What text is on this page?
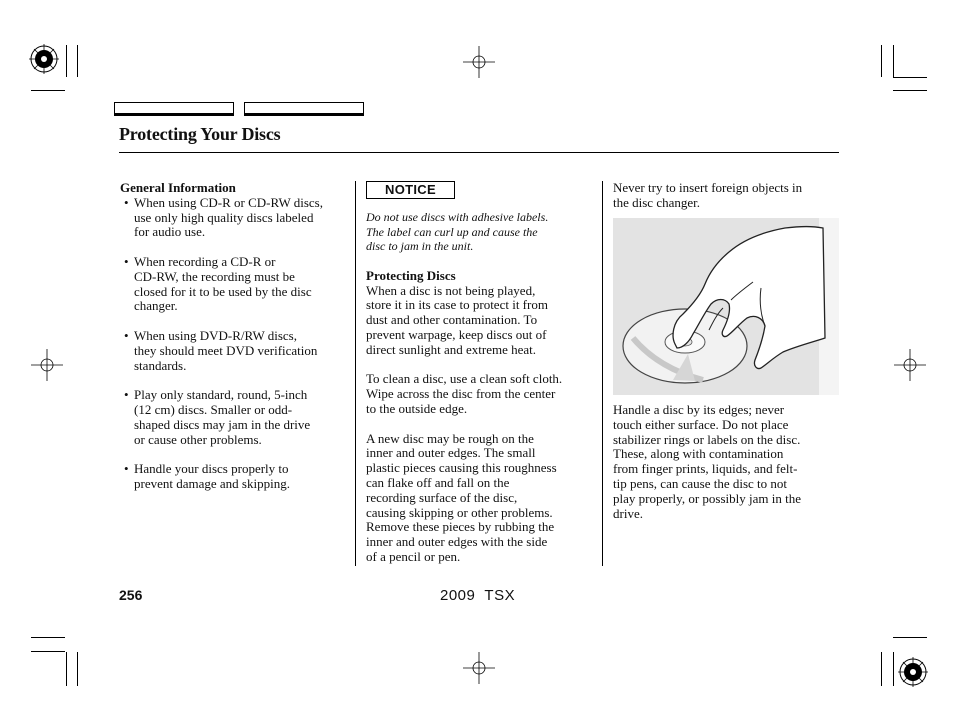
Protecting Your Discs
General Information
• When using CD-R or CD-RW discs,
use only high quality discs labeled
for audio use.
• When recording a CD-R or
CD-RW, the recording must be
closed for it to be used by the disc
changer.
• When using DVD-R/RW discs,
they should meet DVD verification
standards.
• Play only standard, round, 5-inch
(12 cm) discs. Smaller or odd-
shaped discs may jam in the drive
or cause other problems.
• Handle your discs properly to
prevent damage and skipping.
NOTICE
Do not use discs with adhesive labels.
The label can curl up and cause the
disc to jam in the unit.
Protecting Discs
When a disc is not being played,
store it in its case to protect it from
dust and other contamination. To
prevent warpage, keep discs out of
direct sunlight and extreme heat.
To clean a disc, use a clean soft cloth.
Wipe across the disc from the center
to the outside edge.
A new disc may be rough on the
inner and outer edges. The small
plastic pieces causing this roughness
can flake off and fall on the
recording surface of the disc,
causing skipping or other problems.
Remove these pieces by rubbing the
inner and outer edges with the side
of a pencil or pen.
Never try to insert foreign objects in
the disc changer.
Handle a disc by its edges; never
touch either surface. Do not place
stabilizer rings or labels on the disc.
These, along with contamination
from finger prints, liquids, and felt-
tip pens, can cause the disc to not
play properly, or possibly jam in the
drive.
256	2009  TSX
